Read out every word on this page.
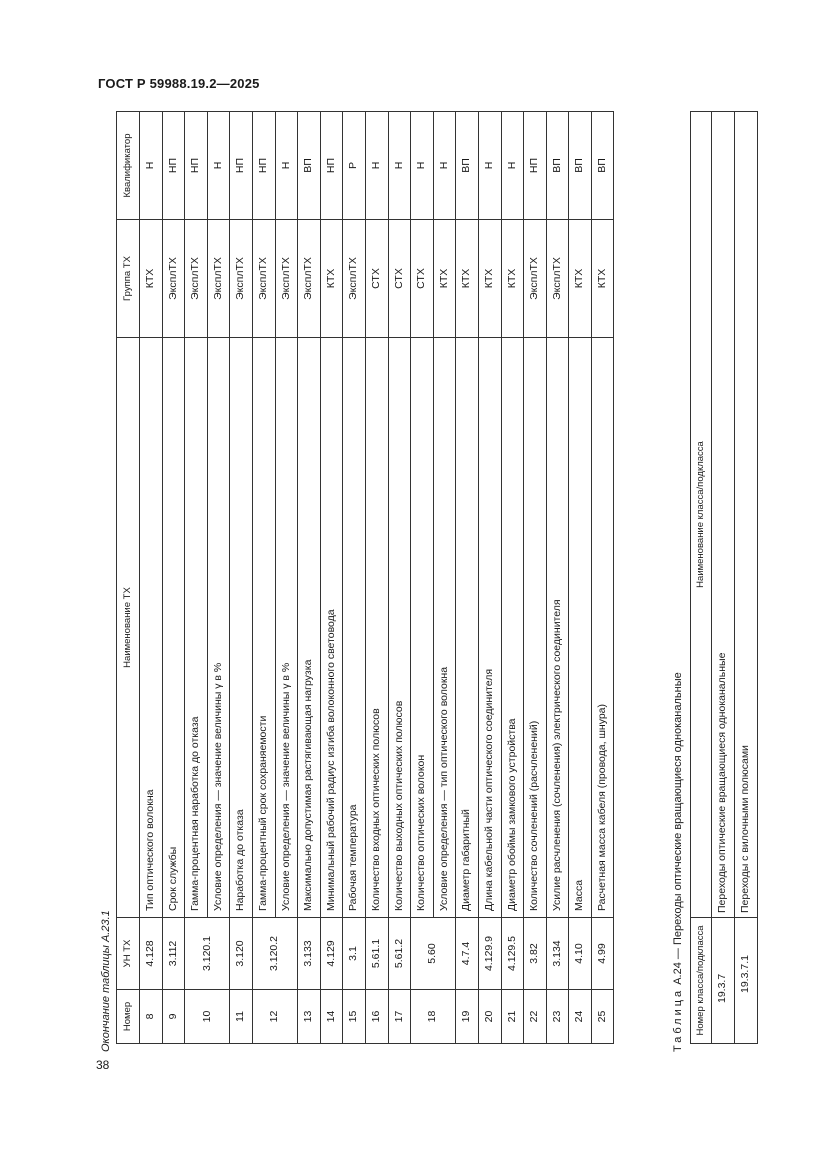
ГОСТ Р 59988.19.2—2025
38
Окончание таблицы А.23.1 Номер	УН ТХ	Наименование ТХ	Группа ТХ	Квалификатор
8	4.128	Тип оптического волокна	КТХ	Н
9	3.112	Срок службы	ЭксплТХ	НП
10	3.120.1	Гамма-процентная наработка до отказа	ЭксплТХ	НП
		Условие определения — значение величины γ в %	ЭксплТХ	Н
11	3.120	Наработка до отказа	ЭксплТХ	НП
12	3.120.2	Гамма-процентный срок сохраняемости	ЭксплТХ	НП
		Условие определения — значение величины γ в %	ЭксплТХ	Н
13	3.133	Максимально допустимая растягивающая нагрузка	ЭксплТХ	ВП
14	4.129	Минимальный рабочий радиус изгиба волоконного световода	КТХ	НП
15	3.1	Рабочая температура	ЭксплТХ	Р
16	5.61.1	Количество входных оптических полюсов	СТХ	Н
17	5.61.2	Количество выходных оптических полюсов	СТХ	Н
18	5.60	Количество оптических волокон	СТХ	Н
		Условие определения — тип оптического волокна	КТХ	Н
19	4.7.4	Диаметр габаритный	КТХ	ВП
20	4.129.9	Длина кабельной части оптического соединителя	КТХ	Н
21	4.129.5	Диаметр обоймы замкового устройства	КТХ	Н
22	3.82	Количество сочленений (расчленений)	ЭксплТХ	НП
23	3.134	Усилие расчленения (сочленения) электрического соединителя	ЭксплТХ	ВП
24	4.10	Масса	КТХ	ВП
25	4.99	Расчетная масса кабеля (провода, шнура)	КТХ	ВП
Таблица А.24 — Переходы оптические вращающиеся одноканальные Номер класса/подкласса	Наименование класса/подкласса
19.3.7	Переходы оптические вращающиеся одноканальные
19.3.7.1	Переходы с вилочными полюсами
